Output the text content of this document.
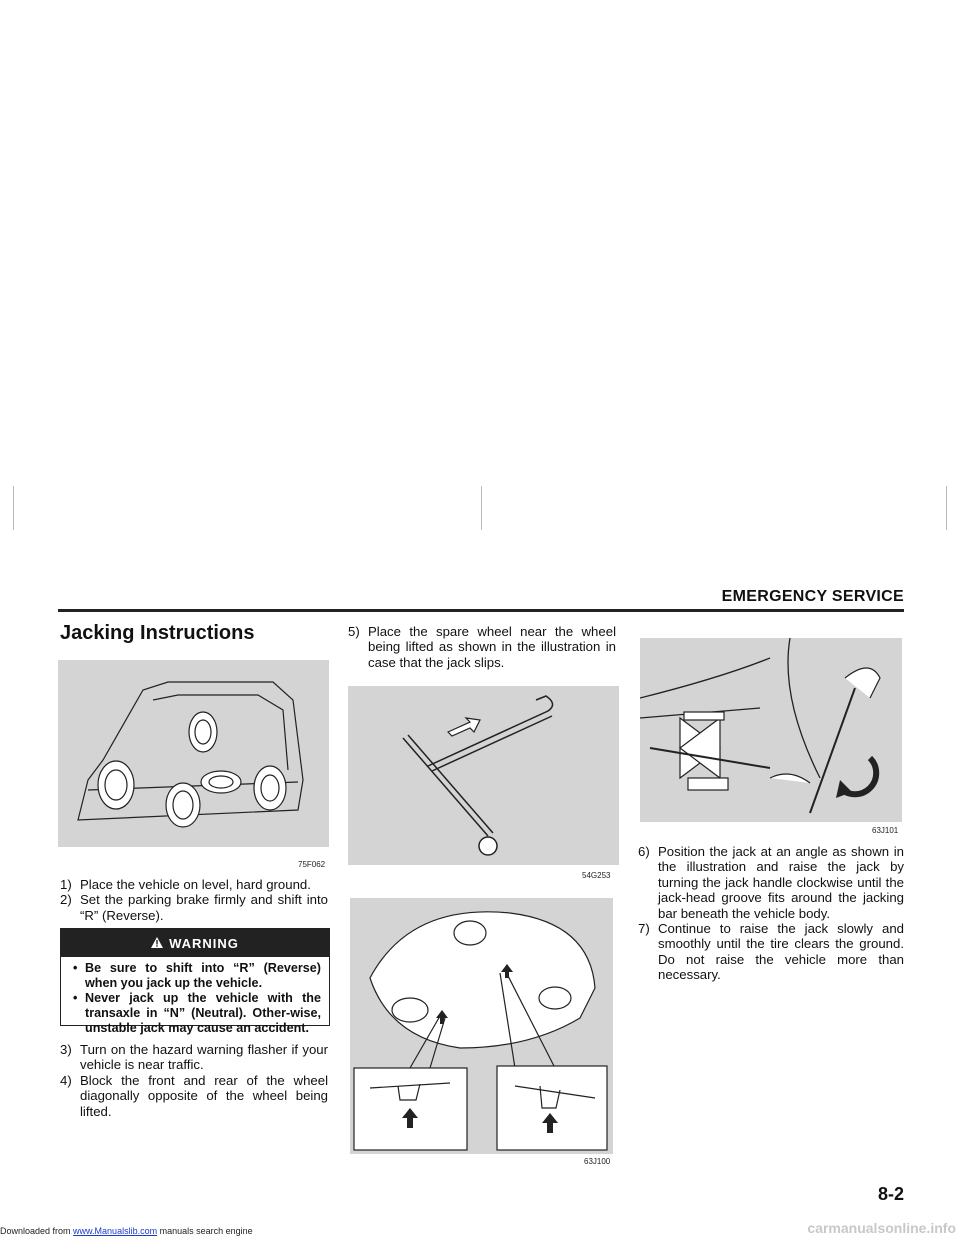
EMERGENCY SERVICE
Jacking Instructions
75F062
1) Place the vehicle on level, hard ground.
2) Set the parking brake firmly and shift into “R” (Reverse).
WARNING
• Be sure to shift into “R” (Reverse) when you jack up the vehicle.
• Never jack up the vehicle with the transaxle in “N” (Neutral). Other-wise, unstable jack may cause an accident.
3) Turn on the hazard warning flasher if your vehicle is near traffic.
4) Block the front and rear of the wheel diagonally opposite of the wheel being lifted.
5) Place the spare wheel near the wheel being lifted as shown in the illustration in case that the jack slips.
54G253
63J100
63J101
6) Position the jack at an angle as shown in the illustration and raise the jack by turning the jack handle clockwise until the jack-head groove fits around the jacking bar beneath the vehicle body.
7) Continue to raise the jack slowly and smoothly until the tire clears the ground. Do not raise the vehicle more than necessary.
8-2
Downloaded from www.Manualslib.com manuals search engine	carmanualsonline.info
